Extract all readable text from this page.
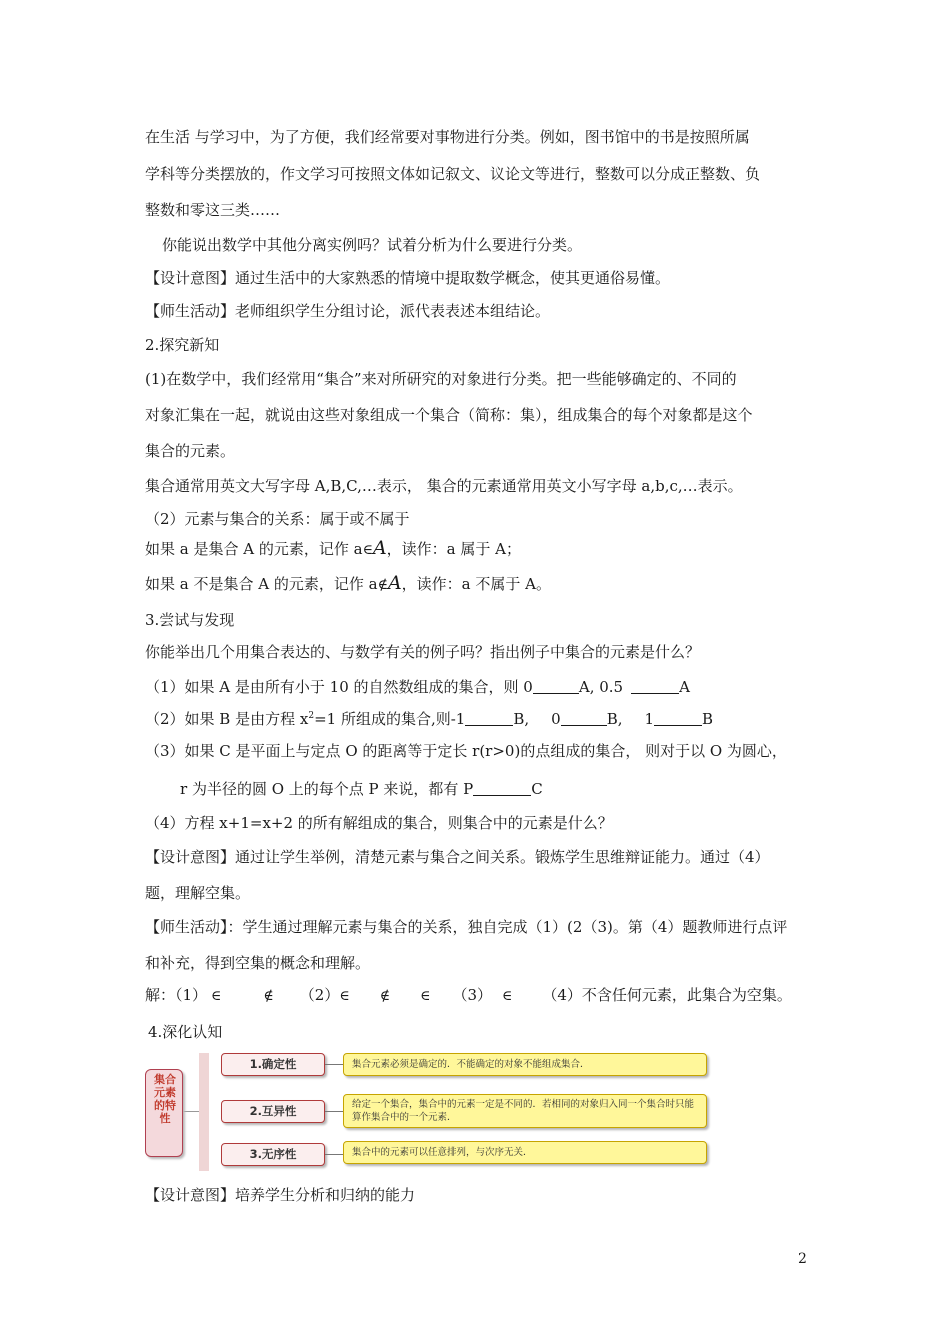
在生活 与学习中，为了方便，我们经常要对事物进行分类。例如，图书馆中的书是按照所属
学科等分类摆放的，作文学习可按照文体如记叙文、议论文等进行，整数可以分成正整数、负
整数和零这三类……
你能说出数学中其他分离实例吗？试着分析为什么要进行分类。
【设计意图】通过生活中的大家熟悉的情境中提取数学概念，使其更通俗易懂。
【师生活动】老师组织学生分组讨论，派代表表述本组结论。
2.探究新知
(1)在数学中，我们经常用“集合”来对所研究的对象进行分类。把一些能够确定的、不同的
对象汇集在一起，就说由这些对象组成一个集合（简称：集），组成集合的每个对象都是这个
集合的元素。
集合通常用英文大写字母 A,B,C,…表示， 集合的元素通常用英文小写字母 a,b,c,…表示。
（2）元素与集合的关系：属于或不属于
如果 a 是集合 A 的元素，记作 a∈A，读作：a 属于 A；
如果 a 不是集合 A 的元素，记作 a∉A，读作：a 不属于 A。
3.尝试与发现
你能举出几个用集合表达的、与数学有关的例子吗？指出例子中集合的元素是什么？
（1）如果 A 是由所有小于 10 的自然数组成的集合，则 0	A, 0.5	A
（2）如果 B 是由方程 $x^2=1$ 所组成的集合,则-1	B, 0	B, 1	B
（3）如果 C 是平面上与定点 O 的距离等于定长 r(r>0)的点组成的集合， 则对于以 O 为圆心，
r 为半径的圆 O 上的每个点 P 来说，都有 P	C
（4）方程 x+1=x+2 的所有解组成的集合，则集合中的元素是什么？
【设计意图】通过让学生举例，清楚元素与集合之间关系。锻炼学生思维辩证能力。通过（4）
题，理解空集。
【师生活动】：学生通过理解元素与集合的关系，独自完成（1）(2（3)。第（4）题教师进行点评
和补充，得到空集的概念和理解。
解：（1） ∈	∉ （2）∈ ∉ ∈ （3） ∈ （4）不含任何元素，此集合为空集。
4.深化认知
集合元素的特性
1.确定性	集合元素必须是确定的．不能确定的对象不能组成集合．
2.互异性	给定一个集合，集合中的元素一定是不同的．若相同的对象归入同一个集合时只能算作集合中的一个元素．
3.无序性	集合中的元素可以任意排列，与次序无关．
【设计意图】培养学生分析和归纳的能力
2
